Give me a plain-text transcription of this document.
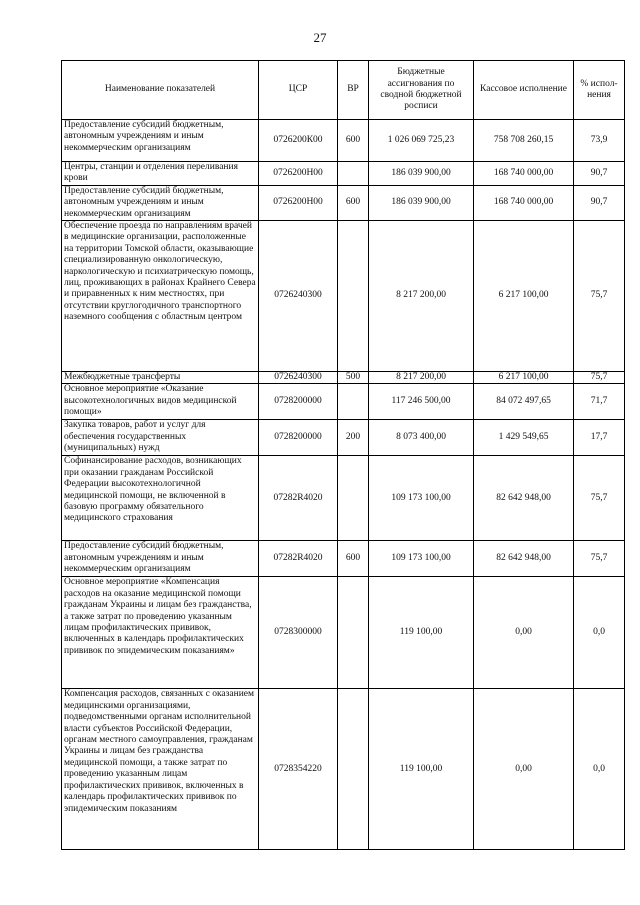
27
Наименование показателей	ЦСР	ВР	Бюджетные ассигнования по сводной бюджетной росписи	Кассовое исполнение	% испол-нения
Предоставление субсидий бюджетным, автономным учреждениям и иным некоммерческим организациям	0726200К00	600	1 026 069 725,23	758 708 260,15	73,9
Центры, станции и отделения переливания крови	0726200Н00		186 039 900,00	168 740 000,00	90,7
Предоставление субсидий бюджетным, автономным учреждениям и иным некоммерческим организациям	0726200Н00	600	186 039 900,00	168 740 000,00	90,7
Обеспечение проезда по направлениям врачей в медицинские организации, расположенные на территории Томской области, оказывающие специализированную онкологическую, наркологическую и психиатрическую помощь, лиц, проживающих в районах Крайнего Севера и приравненных к ним местностях, при отсутствии круглогодичного транспортного наземного сообщения с областным центром	0726240300		8 217 200,00	6 217 100,00	75,7
Межбюджетные трансферты	0726240300	500	8 217 200,00	6 217 100,00	75,7
Основное мероприятие «Оказание высокотехнологичных видов медицинской помощи»	0728200000		117 246 500,00	84 072 497,65	71,7
Закупка товаров, работ и услуг для обеспечения государственных (муниципальных) нужд	0728200000	200	8 073 400,00	1 429 549,65	17,7
Софинансирование расходов, возникающих при оказании гражданам Российской Федерации высокотехнологичной медицинской помощи, не включенной в базовую программу обязательного медицинского страхования	07282R4020		109 173 100,00	82 642 948,00	75,7
Предоставление субсидий бюджетным, автономным учреждениям и иным некоммерческим организациям	07282R4020	600	109 173 100,00	82 642 948,00	75,7
Основное мероприятие «Компенсация расходов на оказание медицинской помощи гражданам Украины и лицам без гражданства, а также затрат по проведению указанным лицам профилактических прививок, включенных в календарь профилактических прививок по эпидемическим показаниям»	0728300000		119 100,00	0,00	0,0
Компенсация расходов, связанных с оказанием медицинскими организациями, подведомственными органам исполнительной власти субъектов Российской Федерации, органам местного самоуправления, гражданам Украины и лицам без гражданства медицинской помощи, а также затрат по проведению указанным лицам профилактических прививок, включенных в календарь профилактических прививок по эпидемическим показаниям	0728354220		119 100,00	0,00	0,0
